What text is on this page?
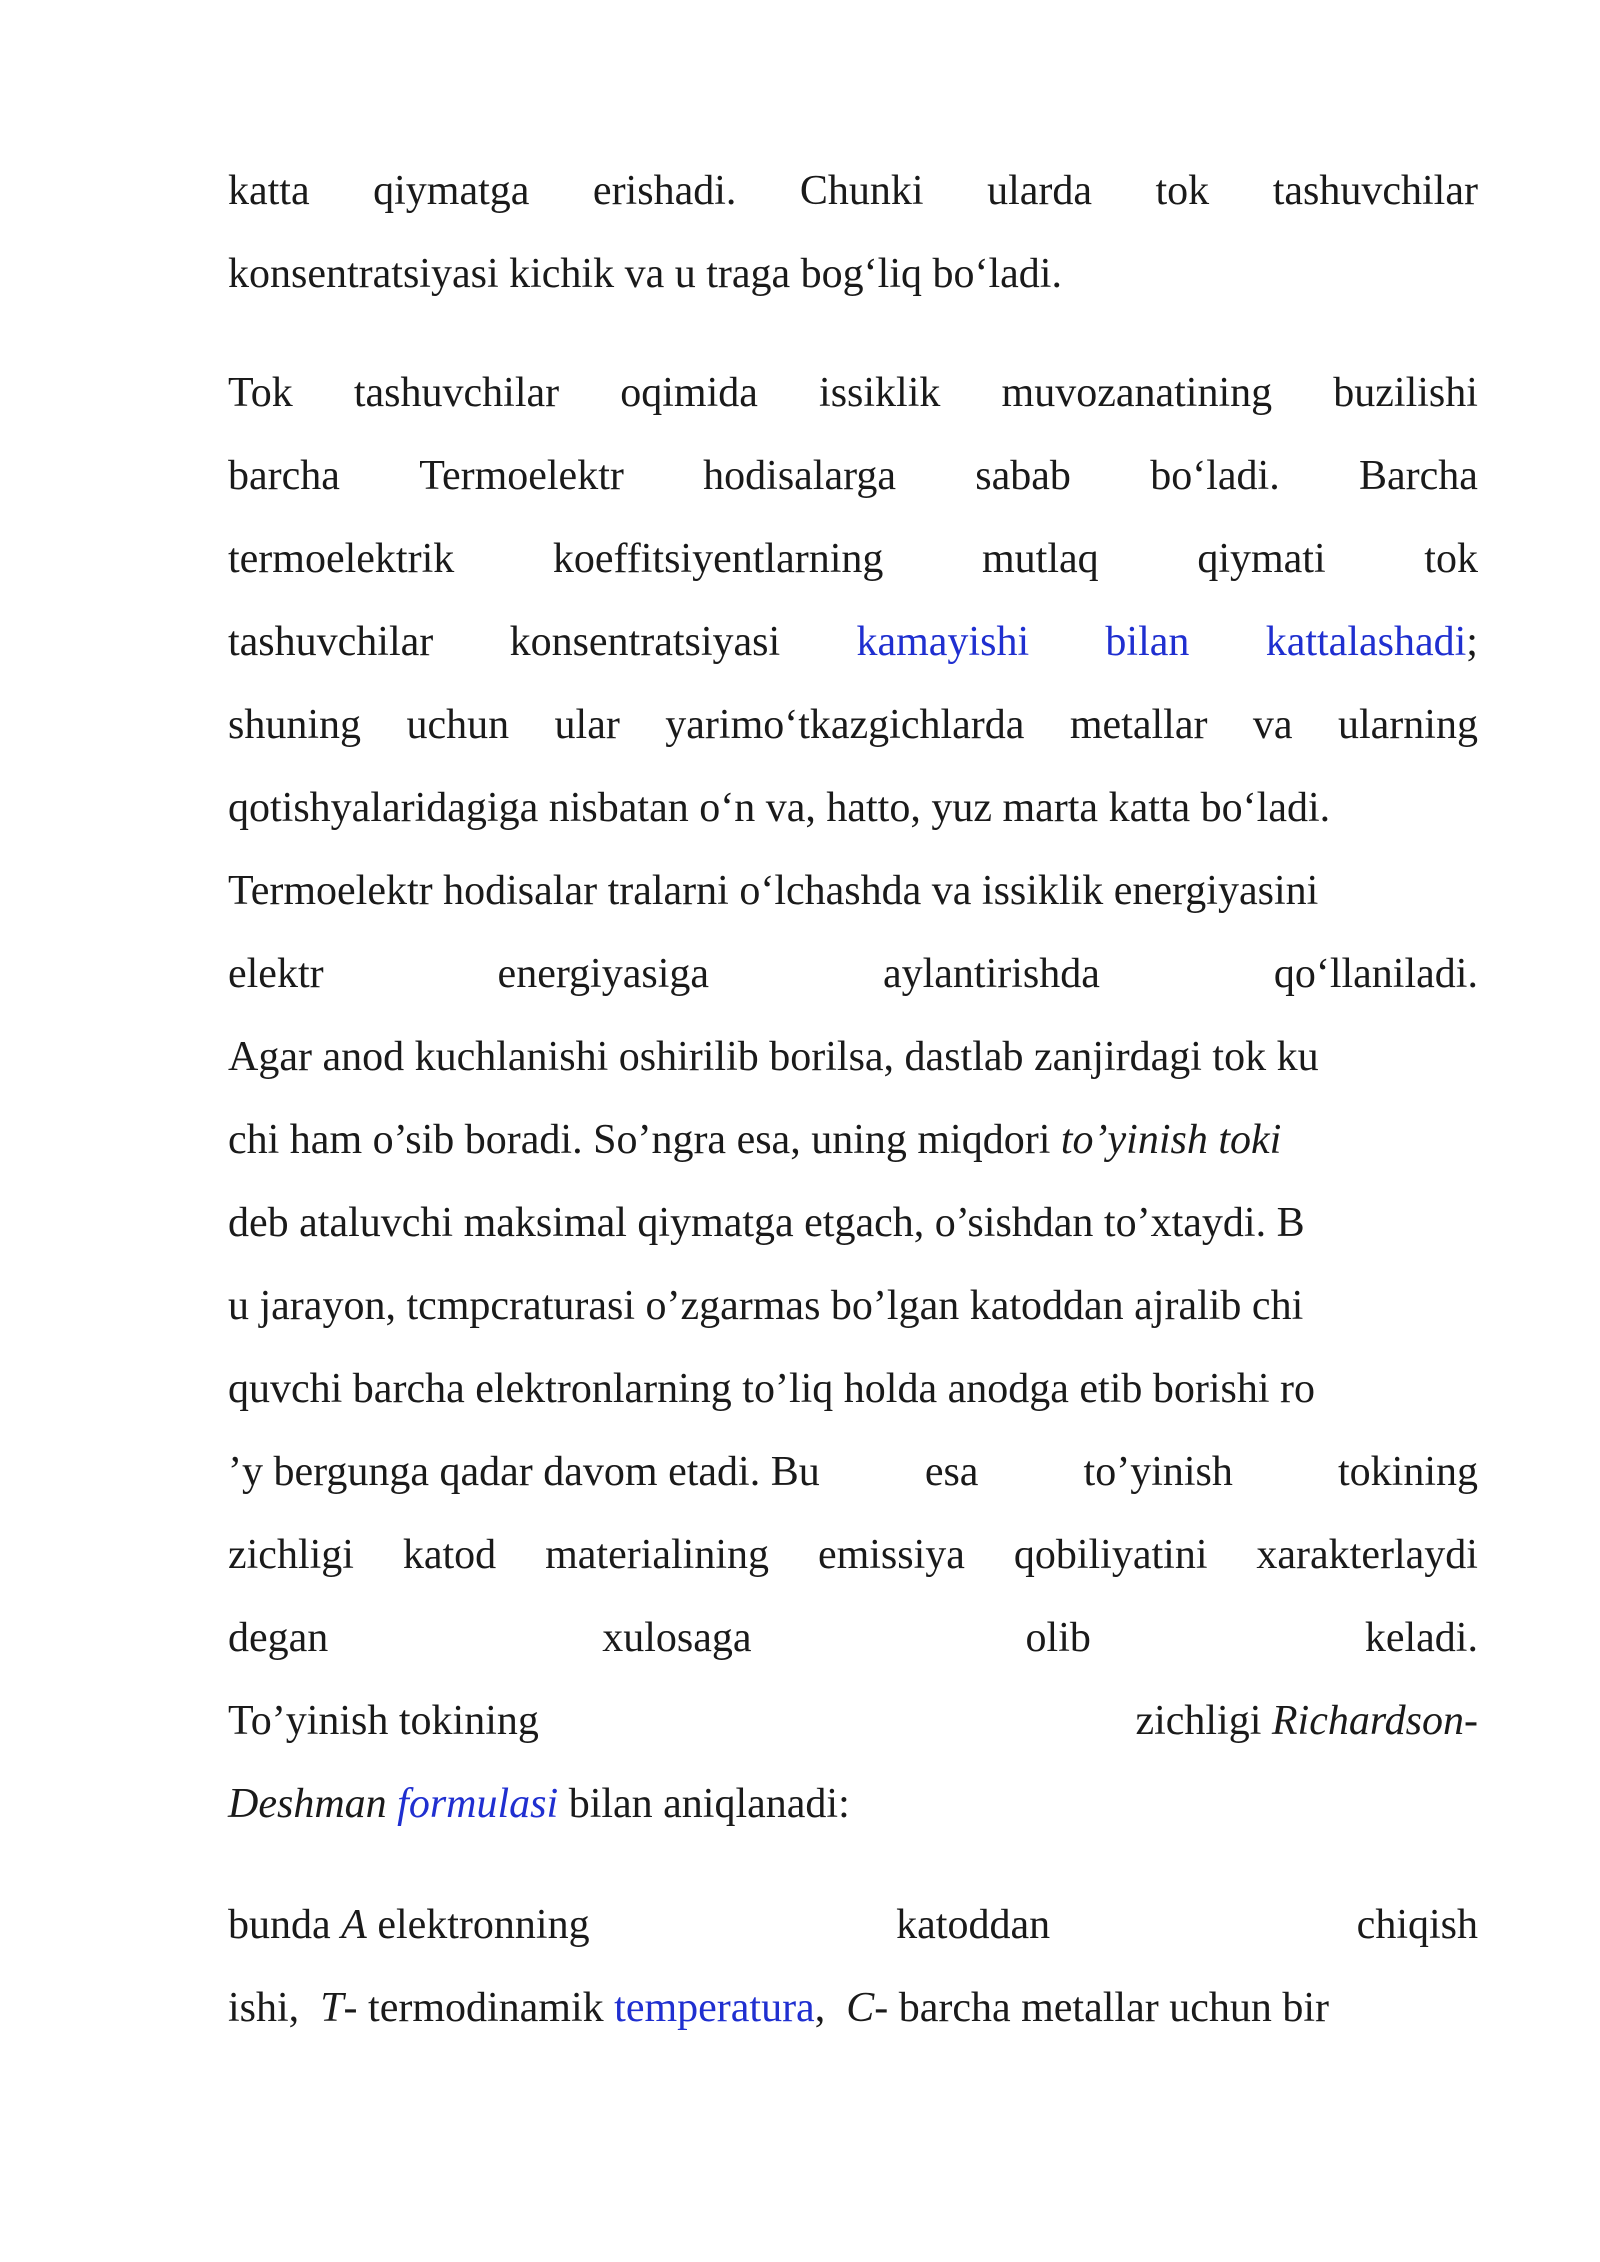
katta qiymatga erishadi. Chunki ularda tok tashuvchilar
konsentratsiyasi kichik va u traga bog‘liq bo‘ladi.
Tok tashuvchilar oqimida issiklik muvozanatining buzilishi
barcha Termoelektr hodisalarga sabab bo‘ladi. Barcha
termoelektrik koeffitsiyentlarning mutlaq qiymati tok
tashuvchilar konsentratsiyasi kamayishi bilan kattalashadi;
shuning uchun ular yarimo‘tkazgichlarda metallar va ularning
qotishyalaridagiga nisbatan o‘n va, hatto, yuz marta katta bo‘ladi.
Termoelektr hodisalar tralarni o‘lchashda va issiklik energiyasini
elektr	energiyasiga	aylantirishda	qo‘llaniladi.
Agar anod kuchlanishi oshirilib borilsa, dastlab zanjirdagi tok ku
chi ham o’sib boradi. So’ngra esa, uning miqdori to’yinish toki
deb ataluvchi maksimal qiymatga etgach, o’sishdan to’xtaydi. B
u jarayon, tcmpcraturasi o’zgarmas bo’lgan katoddan ajralib chi
quvchi barcha elektronlarning to’liq holda anodga etib borishi ro
’y bergunga qadar davom etadi. Bu	esa	to’yinish	tokining
zichligi katod materialining emissiya qobiliyatini xarakterlaydi
degan	xulosaga	olib	keladi.
To’yinish tokining	zichligi Richardson-
Deshman formulasi bilan aniqlanadi:
bunda A elektronning	katoddan	chiqish
ishi, T- termodinamik temperatura, C- barcha metallar uchun bir
